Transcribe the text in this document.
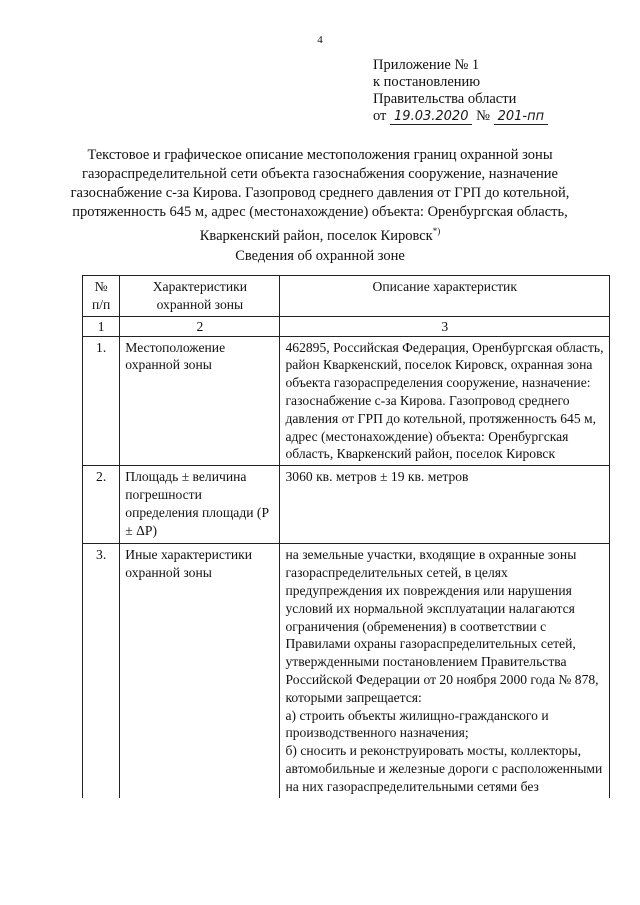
4
Приложение № 1
к постановлению
Правительства области
от 19.03.2020 № 201-пп
Текстовое и графическое описание местоположения границ охранной зоны газораспределительной сети объекта газоснабжения сооружение, назначение газоснабжение с-за Кирова. Газопровод среднего давления от ГРП до котельной, протяженность 645 м, адрес (местонахождение) объекта: Оренбургская область, Кваркенский район, поселок Кировск*)
Сведения об охранной зоне
№ п/п	Характеристики охранной зоны	Описание характеристик
1	2	3
1.	Местоположение охранной зоны	462895, Российская Федерация, Оренбургская область, район Кваркенский, поселок Кировск, охранная зона объекта газораспределения сооружение, назначение: газоснабжение с-за Кирова. Газопровод среднего давления от ГРП до котельной, протяженность 645 м, адрес (местонахождение) объекта: Оренбургская область, Кваркенский район, поселок Кировск
2.	Площадь ± величина погрешности определения площади (Р ± ΔР)	3060 кв. метров ± 19 кв. метров
3.	Иные характеристики охранной зоны	на земельные участки, входящие в охранные зоны газораспределительных сетей, в целях предупреждения их повреждения или нарушения условий их нормальной эксплуатации налагаются ограничения (обременения) в соответствии с Правилами охраны газораспределительных сетей, утвержденными постановлением Правительства Российской Федерации от 20 ноября 2000 года № 878, которыми запрещается:
а) строить объекты жилищно-гражданского и производственного назначения;
б) сносить и реконструировать мосты, коллекторы, автомобильные и железные дороги с расположенными на них газораспределительными сетями без
